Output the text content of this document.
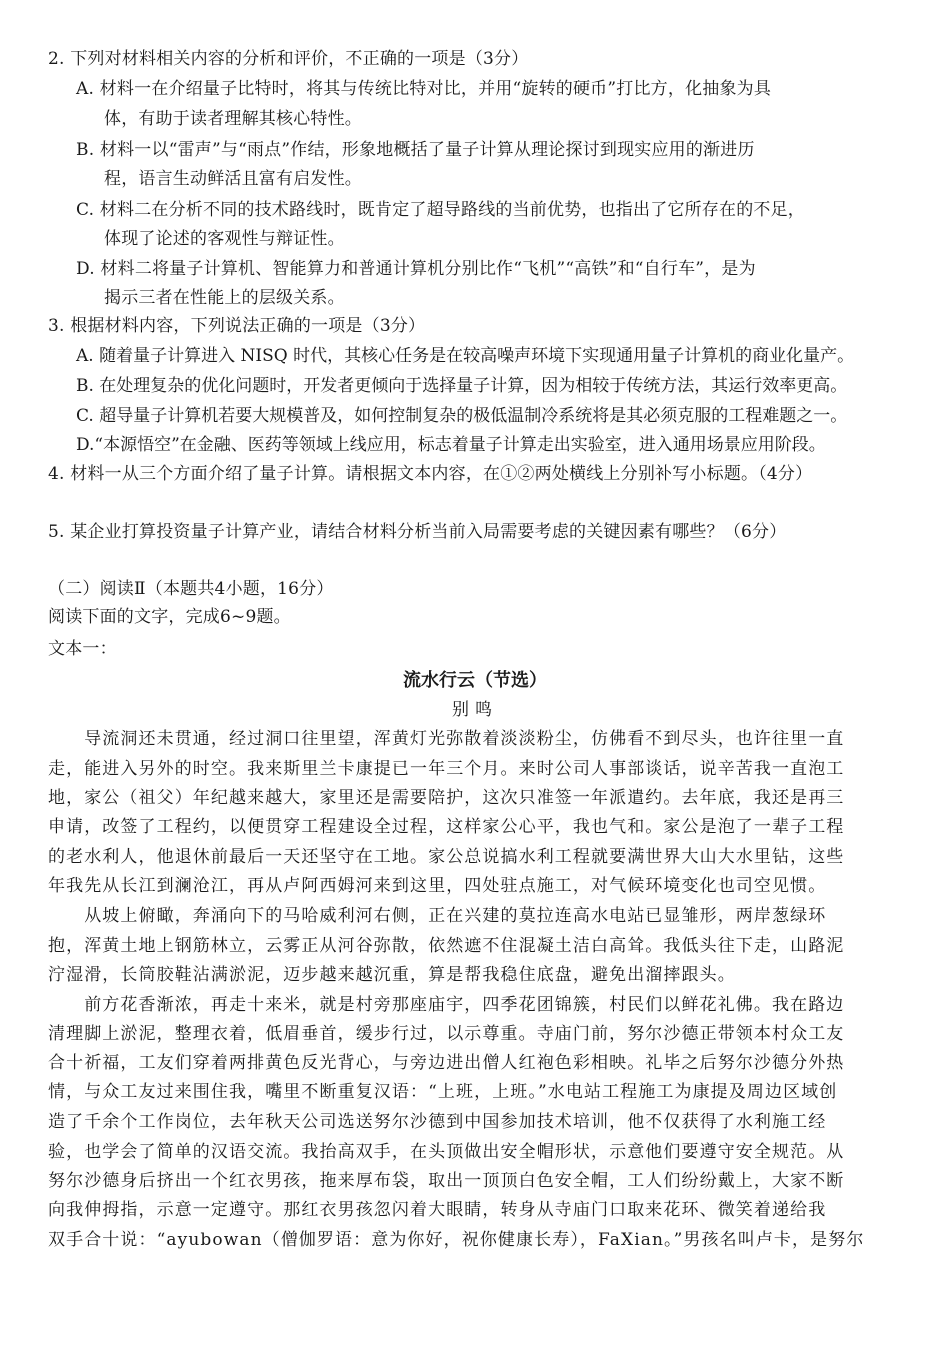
2. 下列对材料相关内容的分析和评价，不正确的一项是（3分）
A. 材料一在介绍量子比特时，将其与传统比特对比，并用“旋转的硬币”打比方，化抽象为具
体，有助于读者理解其核心特性。
B. 材料一以“雷声”与“雨点”作结，形象地概括了量子计算从理论探讨到现实应用的渐进历
程，语言生动鲜活且富有启发性。
C. 材料二在分析不同的技术路线时，既肯定了超导路线的当前优势，也指出了它所存在的不足，
体现了论述的客观性与辩证性。
D. 材料二将量子计算机、智能算力和普通计算机分别比作“飞机”“高铁”和“自行车”，是为
揭示三者在性能上的层级关系。
3. 根据材料内容，下列说法正确的一项是（3分）
A. 随着量子计算进入 NISQ 时代，其核心任务是在较高噪声环境下实现通用量子计算机的商业化量产。
B. 在处理复杂的优化问题时，开发者更倾向于选择量子计算，因为相较于传统方法，其运行效率更高。
C. 超导量子计算机若要大规模普及，如何控制复杂的极低温制冷系统将是其必须克服的工程难题之一。
D.“本源悟空”在金融、医药等领域上线应用，标志着量子计算走出实验室，进入通用场景应用阶段。
4. 材料一从三个方面介绍了量子计算。请根据文本内容，在①②两处横线上分别补写小标题。（4分）
5. 某企业打算投资量子计算产业，请结合材料分析当前入局需要考虑的关键因素有哪些？（6分）
（二）阅读Ⅱ（本题共4小题，16分）
阅读下面的文字，完成6~9题。
文本一：
流水行云（节选）
别鸣
　　导流洞还未贯通，经过洞口往里望，浑黄灯光弥散着淡淡粉尘，仿佛看不到尽头，也许往里一直
走，能进入另外的时空。我来斯里兰卡康提已一年三个月。来时公司人事部谈话，说辛苦我一直泡工
地，家公（祖父）年纪越来越大，家里还是需要陪护，这次只准签一年派遣约。去年底，我还是再三
申请，改签了工程约，以便贯穿工程建设全过程，这样家公心平，我也气和。家公是泡了一辈子工程
的老水利人，他退休前最后一天还坚守在工地。家公总说搞水利工程就要满世界大山大水里钻，这些
年我先从长江到澜沧江，再从卢阿西姆河来到这里，四处驻点施工，对气候环境变化也司空见惯。
　　从坡上俯瞰，奔涌向下的马哈威利河右侧，正在兴建的莫拉连高水电站已显雏形，两岸葱绿环
抱，浑黄土地上钢筋林立，云雾正从河谷弥散，依然遮不住混凝土洁白高耸。我低头往下走，山路泥
泞湿滑，长筒胶鞋沾满淤泥，迈步越来越沉重，算是帮我稳住底盘，避免出溜摔跟头。
　　前方花香渐浓，再走十来米，就是村旁那座庙宇，四季花团锦簇，村民们以鲜花礼佛。我在路边
清理脚上淤泥，整理衣着，低眉垂首，缓步行过，以示尊重。寺庙门前，努尔沙德正带领本村众工友
合十祈福，工友们穿着两排黄色反光背心，与旁边进出僧人红袍色彩相映。礼毕之后努尔沙德分外热
情，与众工友过来围住我，嘴里不断重复汉语：“上班，上班。”水电站工程施工为康提及周边区域创
造了千余个工作岗位，去年秋天公司选送努尔沙德到中国参加技术培训，他不仅获得了水利施工经
验，也学会了简单的汉语交流。我抬高双手，在头顶做出安全帽形状，示意他们要遵守安全规范。从
努尔沙德身后挤出一个红衣男孩，拖来厚布袋，取出一顶顶白色安全帽，工人们纷纷戴上，大家不断
向我伸拇指，示意一定遵守。那红衣男孩忽闪着大眼睛，转身从寺庙门口取来花环、微笑着递给我
双手合十说：“ayubowan（僧伽罗语：意为你好，祝你健康长寿），FaXian。”男孩名叫卢卡，是努尔
